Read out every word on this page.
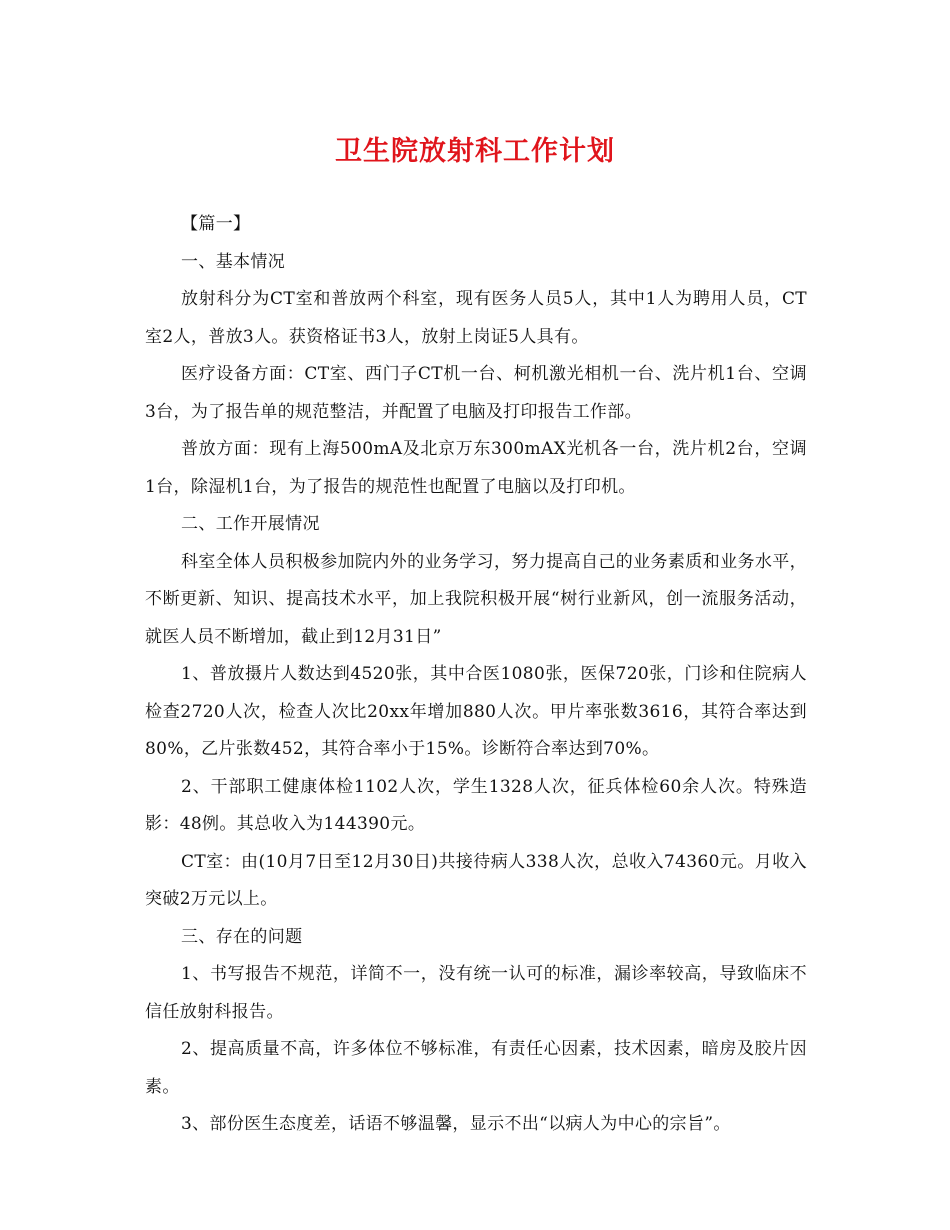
卫生院放射科工作计划

【篇一】

一、基本情况

放射科分为CT室和普放两个科室，现有医务人员5人，其中1人为聘用人员，CT室2人，普放3人。获资格证书3人，放射上岗证5人具有。

医疗设备方面：CT室、西门子CT机一台、柯机激光相机一台、洗片机1台、空调3台，为了报告单的规范整洁，并配置了电脑及打印报告工作部。

普放方面：现有上海500mA及北京万东300mAX光机各一台，洗片机2台，空调1台，除湿机1台，为了报告的规范性也配置了电脑以及打印机。

二、工作开展情况

科室全体人员积极参加院内外的业务学习，努力提高自己的业务素质和业务水平，不断更新、知识、提高技术水平，加上我院积极开展“树行业新风，创一流服务活动，就医人员不断增加，截止到12月31日”

1、普放摄片人数达到4520张，其中合医1080张，医保720张，门诊和住院病人检查2720人次，检查人次比20xx年增加880人次。甲片率张数3616，其符合率达到80%，乙片张数452，其符合率小于15%。诊断符合率达到70%。

2、干部职工健康体检1102人次，学生1328人次，征兵体检60余人次。特殊造影：48例。其总收入为144390元。

CT室：由(10月7日至12月30日)共接待病人338人次，总收入74360元。月收入突破2万元以上。

三、存在的问题

1、书写报告不规范，详简不一，没有统一认可的标准，漏诊率较高，导致临床不信任放射科报告。

2、提高质量不高，许多体位不够标准，有责任心因素，技术因素，暗房及胶片因素。

3、部份医生态度差，话语不够温馨，显示不出“以病人为中心的宗旨”。
